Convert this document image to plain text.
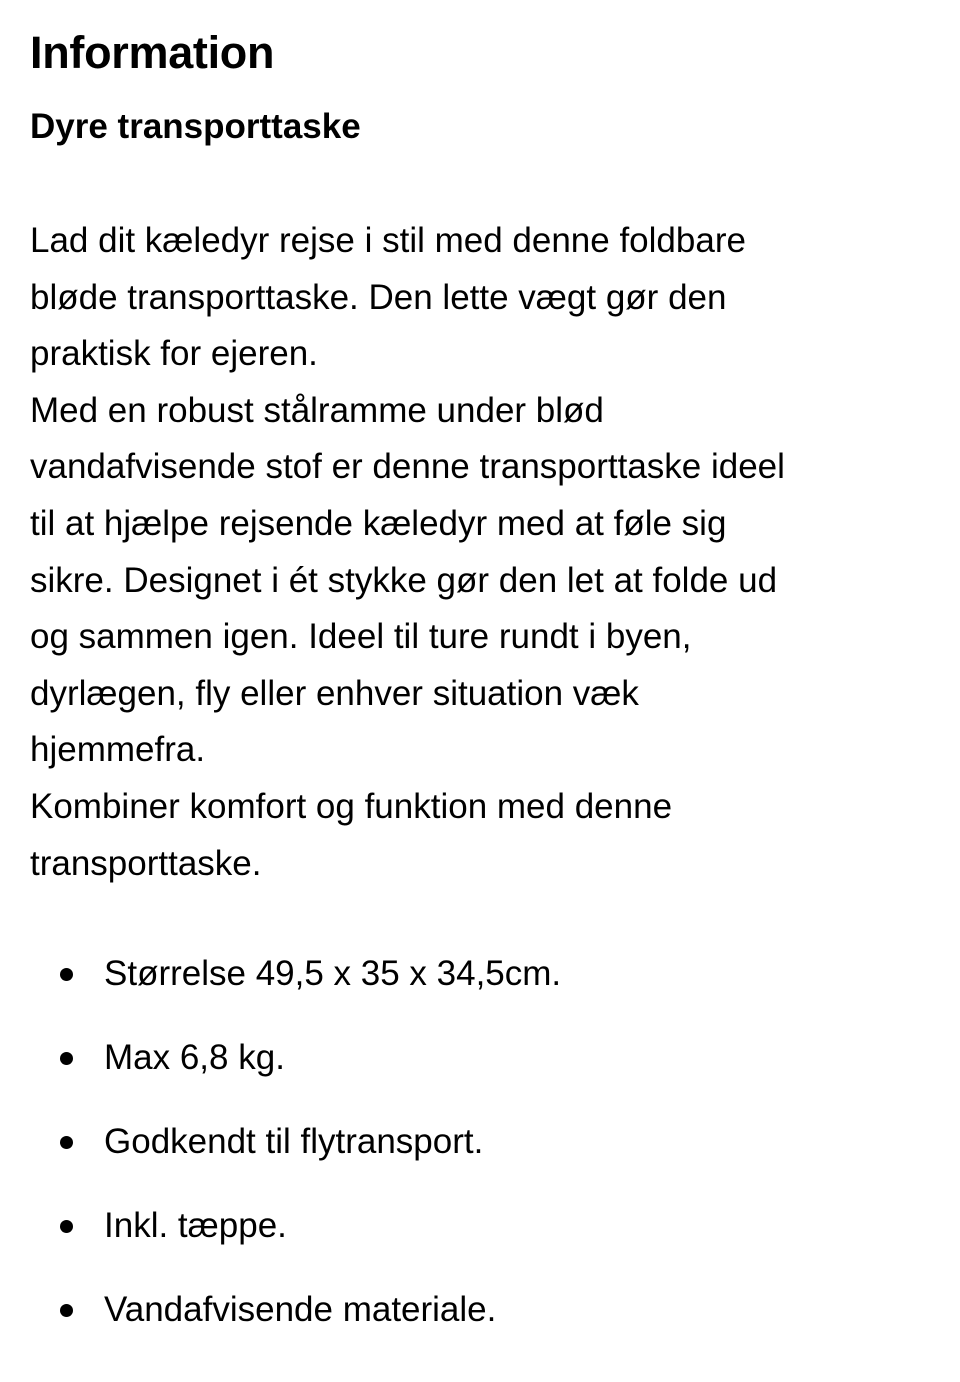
Information
Dyre transporttaske

Lad dit kæledyr rejse i stil med denne foldbare

bløde transporttaske. Den lette vægt gør den

praktisk for ejeren.

Med en robust stålramme under blød

vandafvisende stof er denne transporttaske ideel

til at hjælpe rejsende kæledyr med at føle sig

sikre. Designet i ét stykke gør den let at folde ud

og sammen igen. Ideel til ture rundt i byen,

dyrlægen, fly eller enhver situation væk

hjemmefra.

Kombiner komfort og funktion med denne

transporttaske.

Størrelse 49,5 x 35 x 34,5cm.
Max 6,8 kg.
Godkendt til flytransport.
Inkl. tæppe.
Vandafvisende materiale.
